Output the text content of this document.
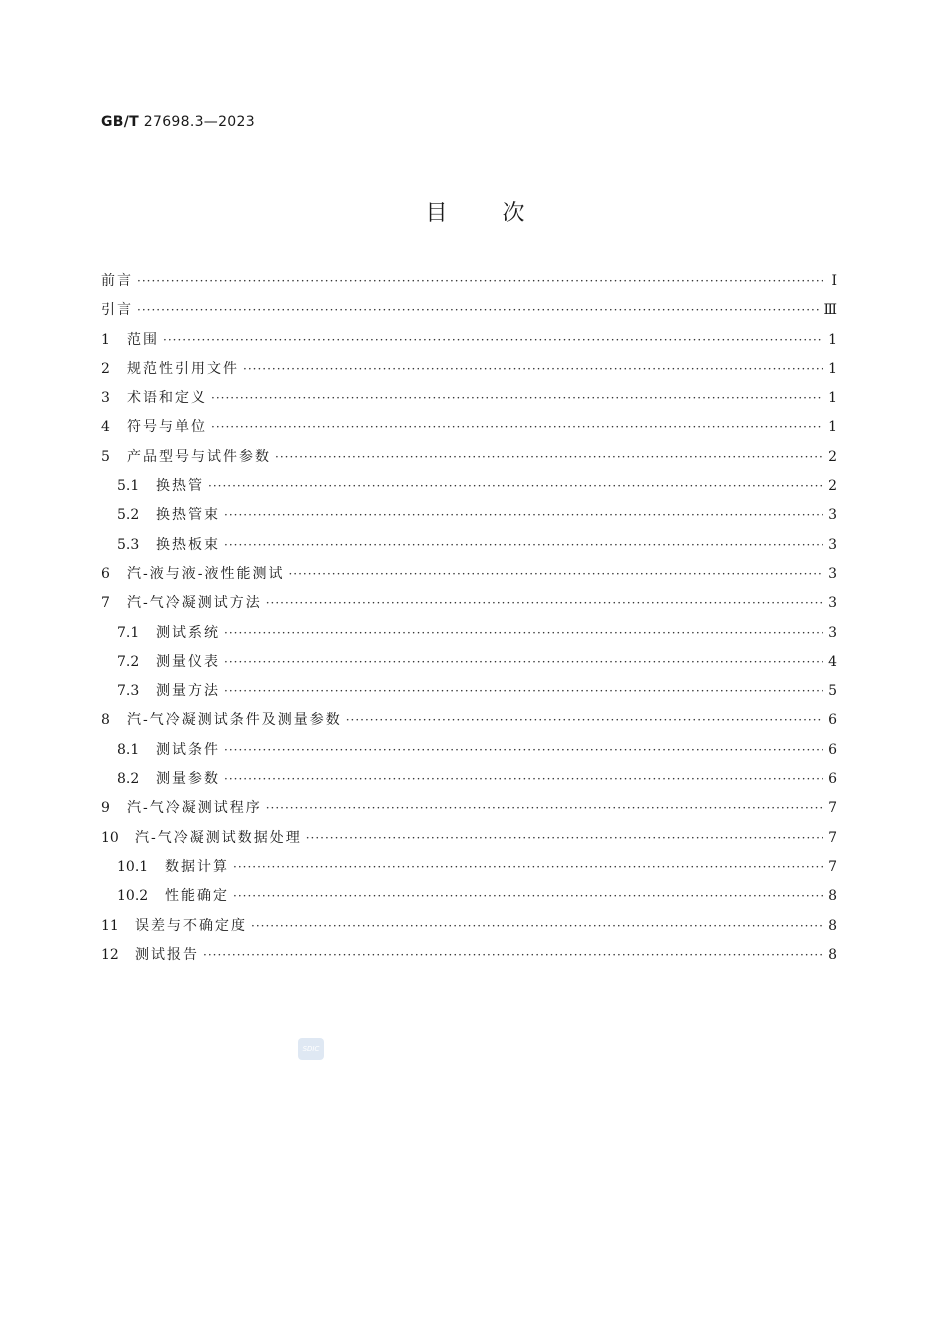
GB/T 27698.3—2023
目	次
前言 ·····	Ⅰ
引言 ·····	Ⅲ
1	范围 ·····	1
2	规范性引用文件 ·····	1
3	术语和定义 ·····	1
4	符号与单位 ·····	1
5	产品型号与试件参数 ·····	2
5.1	换热管 ·····	2
5.2	换热管束 ·····	3
5.3	换热板束 ·····	3
6	汽-液与液-液性能测试 ·····	3
7	汽-气冷凝测试方法 ·····	3
7.1	测试系统 ·····	3
7.2	测量仪表 ·····	4
7.3	测量方法 ·····	5
8	汽-气冷凝测试条件及测量参数 ·····	6
8.1	测试条件 ·····	6
8.2	测量参数 ·····	6
9	汽-气冷凝测试程序 ·····	7
10	汽-气冷凝测试数据处理 ·····	7
10.1	数据计算 ·····	7
10.2	性能确定 ·····	8
11	误差与不确定度 ·····	8
12	测试报告 ·····	8
SDIC
